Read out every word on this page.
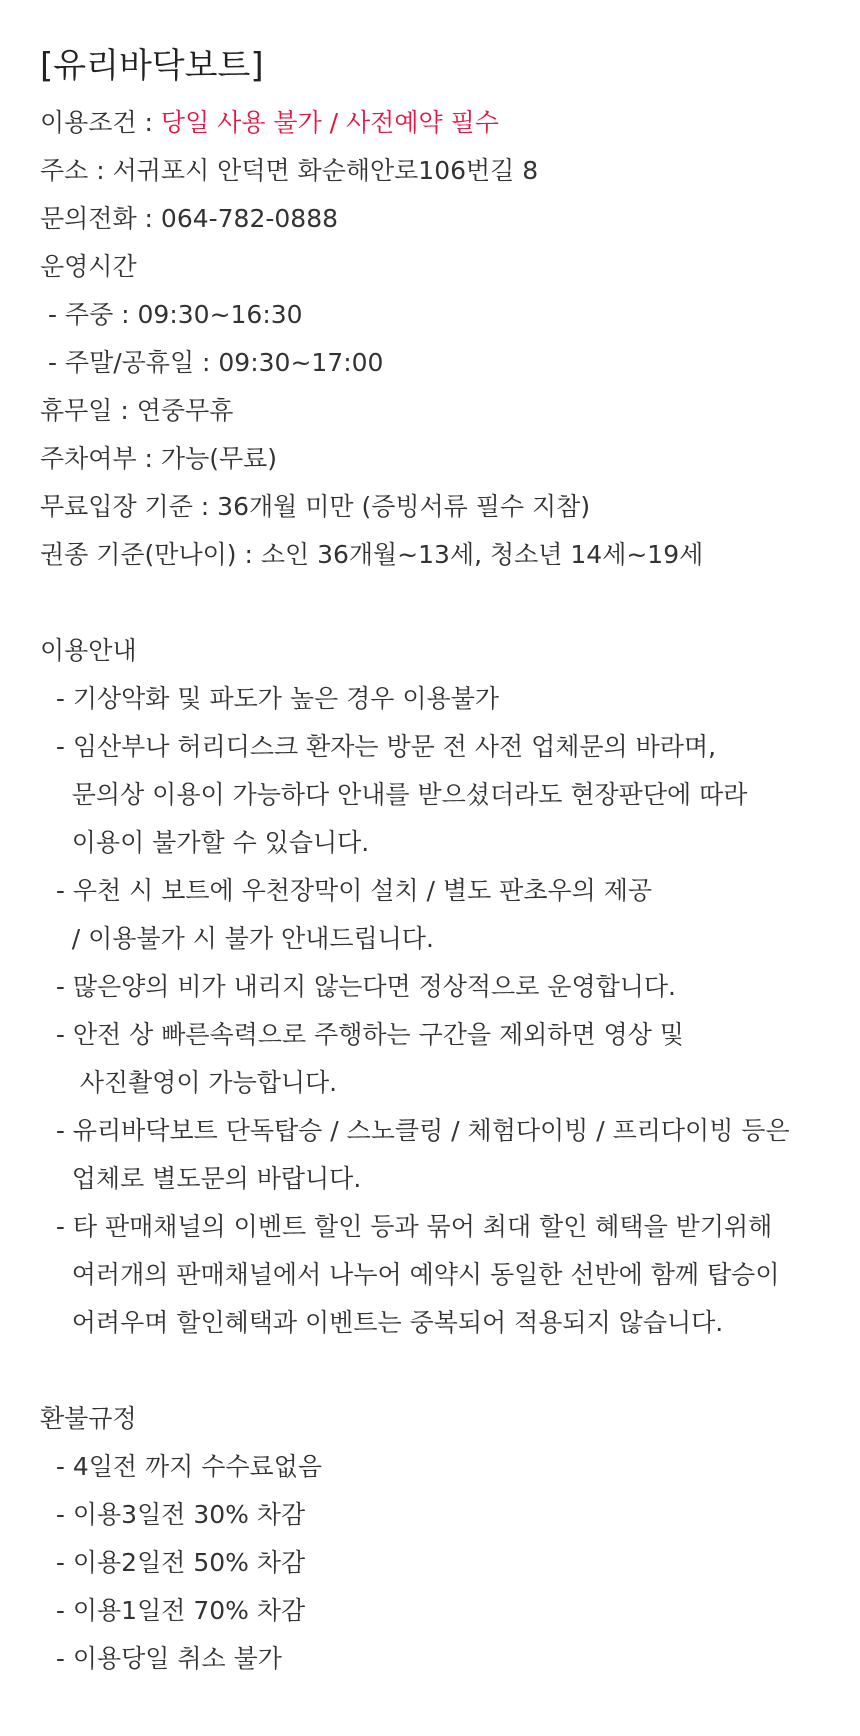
[유리바닥보트]
이용조건 : 당일 사용 불가 / 사전예약 필수
주소 : 서귀포시 안덕면 화순해안로106번길 8
문의전화 : 064-782-0888
운영시간
- 주중 : 09:30~16:30
- 주말/공휴일 : 09:30~17:00
휴무일 : 연중무휴
주차여부 : 가능(무료)
무료입장 기준 : 36개월 미만 (증빙서류 필수 지참)
권종 기준(만나이) : 소인 36개월~13세, 청소년 14세~19세
이용안내
- 기상악화 및 파도가 높은 경우 이용불가
- 임산부나 허리디스크 환자는 방문 전 사전 업체문의 바라며,
문의상 이용이 가능하다 안내를 받으셨더라도 현장판단에 따라
이용이 불가할 수 있습니다.
- 우천 시 보트에 우천장막이 설치 / 별도 판초우의 제공
/ 이용불가 시 불가 안내드립니다.
- 많은양의 비가 내리지 않는다면 정상적으로 운영합니다.
- 안전 상 빠른속력으로 주행하는 구간을 제외하면 영상 및
사진촬영이 가능합니다.
- 유리바닥보트 단독탑승 / 스노클링 / 체험다이빙 / 프리다이빙 등은
업체로 별도문의 바랍니다.
- 타 판매채널의 이벤트 할인 등과 묶어 최대 할인 혜택을 받기위해
여러개의 판매채널에서 나누어 예약시 동일한 선반에 함께 탑승이
어려우며 할인혜택과 이벤트는 중복되어 적용되지 않습니다.
환불규정
- 4일전 까지 수수료없음
- 이용3일전 30% 차감
- 이용2일전 50% 차감
- 이용1일전 70% 차감
- 이용당일 취소 불가
